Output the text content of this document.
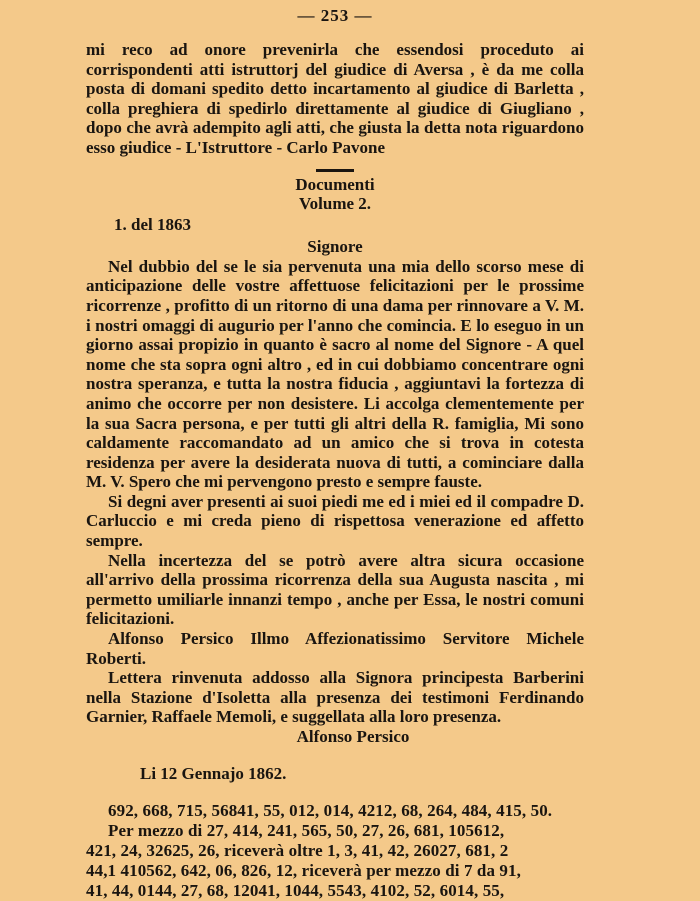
— 253 —

mi reco ad onore prevenirla che essendosi proceduto ai corrispondenti atti istruttorj del giudice di Aversa , è da me colla posta di domani spedito detto incartamento al giudice di Barletta , colla preghiera di spedirlo direttamente al giudice di Giugliano , dopo che avrà adempito agli atti, che giusta la detta nota riguardono esso giudice - L'Istruttore - Carlo Pavone

Documenti

Volume 2.

1. del 1863

Signore

Nel dubbio del se le sia pervenuta una mia dello scorso mese di anticipazione delle vostre affettuose felicitazioni per le prossime ricorrenze , profitto di un ritorno di una dama per rinnovare a V. M. i nostri omaggi di augurio per l'anno che comincia. E lo eseguo in un giorno assai propizio in quanto è sacro al nome del Signore - A quel nome che sta sopra ogni altro , ed in cui dobbiamo concentrare ogni nostra speranza, e tutta la nostra fiducia , aggiuntavi la fortezza di animo che occorre per non desistere. Li accolga clementemente per la sua Sacra persona, e per tutti gli altri della R. famiglia, Mi sono caldamente raccomandato ad un amico che si trova in cotesta residenza per avere la desiderata nuova di tutti, a cominciare dalla M. V. Spero che mi pervengono presto e sempre fauste.

Si degni aver presenti ai suoi piedi me ed i miei ed il compadre D. Carluccio e mi creda pieno di rispettosa venerazione ed affetto sempre.

Nella incertezza del se potrò avere altra sicura occasione all'arrivo della prossima ricorrenza della sua Augusta nascita , mi permetto umiliarle innanzi tempo , anche per Essa, le nostri comuni felicitazioni.

Alfonso Persico Illmo Affezionatissimo Servitore Michele Roberti.

Lettera rinvenuta addosso alla Signora principesta Barberini nella Stazione d'Isoletta alla presenza dei testimoni Ferdinando Garnier, Raffaele Memoli, e suggellata alla loro presenza.

Alfonso Persico

Li 12 Gennajo 1862.

692, 668, 715, 56841, 55, 012, 014, 4212, 68, 264, 484, 415, 50.

Per mezzo di 27, 414, 241, 565, 50, 27, 26, 681, 105612,

421, 24, 32625, 26, riceverà oltre 1, 3, 41, 42, 26027, 681, 2

44,1 410562, 642, 06, 826, 12, riceverà per mezzo di 7 da 91,

41, 44, 0144, 27, 68, 12041, 1044, 5543, 4102, 52, 6014, 55,
